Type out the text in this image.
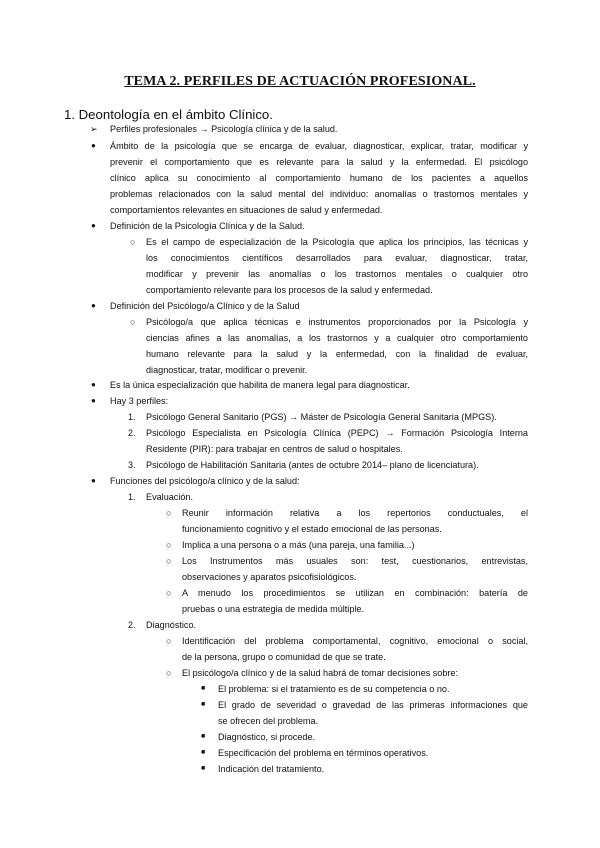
TEMA 2. PERFILES DE ACTUACIÓN PROFESIONAL.
1. Deontología en el ámbito Clínico.
➢ Perfiles profesionales → Psicología clínica y de la salud.
● Ámbito de la psicología que se encarga de evaluar, diagnosticar, explicar, tratar, modificar y
prevenir el comportamiento que es relevante para la salud y la enfermedad. El psicólogo
clínico aplica su conocimiento al comportamiento humano de los pacientes a aquellos
problemas relacionados con la salud mental del individuo: anomalías o trastornos mentales y
comportamientos relevantes en situaciones de salud y enfermedad.
● Definición de la Psicología Clínica y de la Salud.
○ Es el campo de especialización de la Psicología que aplica los principios, las técnicas y
los conocimientos científicos desarrollados para evaluar, diagnosticar, tratar,
modificar y prevenir las anomalías o los trastornos mentales o cualquier otro
comportamiento relevante para los procesos de la salud y enfermedad.
● Definición del Psicólogo/a Clínico y de la Salud
○ Psicólogo/a que aplica técnicas e instrumentos proporcionados por la Psicología y
ciencias afines a las anomalías, a los trastornos y a cualquier otro comportamiento
humano relevante para la salud y la enfermedad, con la finalidad de evaluar,
diagnosticar, tratar, modificar o prevenir.
● Es la única especialización que habilita de manera legal para diagnosticar.
● Hay 3 perfiles:
1. Psicólogo General Sanitario (PGS) → Máster de Psicología General Sanitaria (MPGS).
2. Psicólogo Especialista en Psicología Clínica (PEPC) → Formación Psicología Interna
Residente (PIR): para trabajar en centros de salud o hospitales.
3. Psicólogo de Habilitación Sanitaria (antes de octubre 2014– plano de licenciatura).
● Funciones del psicólogo/a clínico y de la salud:
1. Evaluación.
○ Reunir información relativa a los repertorios conductuales, el
funcionamiento cognitivo y el estado emocional de las personas.
○ Implica a una persona o a más (una pareja, una familia...)
○ Los Instrumentos más usuales son: test, cuestionarios, entrevistas,
observaciones y aparatos psicofisiológicos.
○ A menudo los procedimientos se utilizan en combinación: batería de
pruebas o una estrategia de medida múltiple.
2. Diagnóstico.
○ Identificación del problema comportamental, cognitivo, emocional o social,
de la persona, grupo o comunidad de que se trate.
○ El psicólogo/a clínico y de la salud habrá de tomar decisiones sobre:
■ El problema: si el tratamiento es de su competencia o no.
■ El grado de severidad o gravedad de las primeras informaciones que
se ofrecen del problema.
■ Diagnóstico, si procede.
■ Especificación del problema en términos operativos.
■ Indicación del tratamiento.
